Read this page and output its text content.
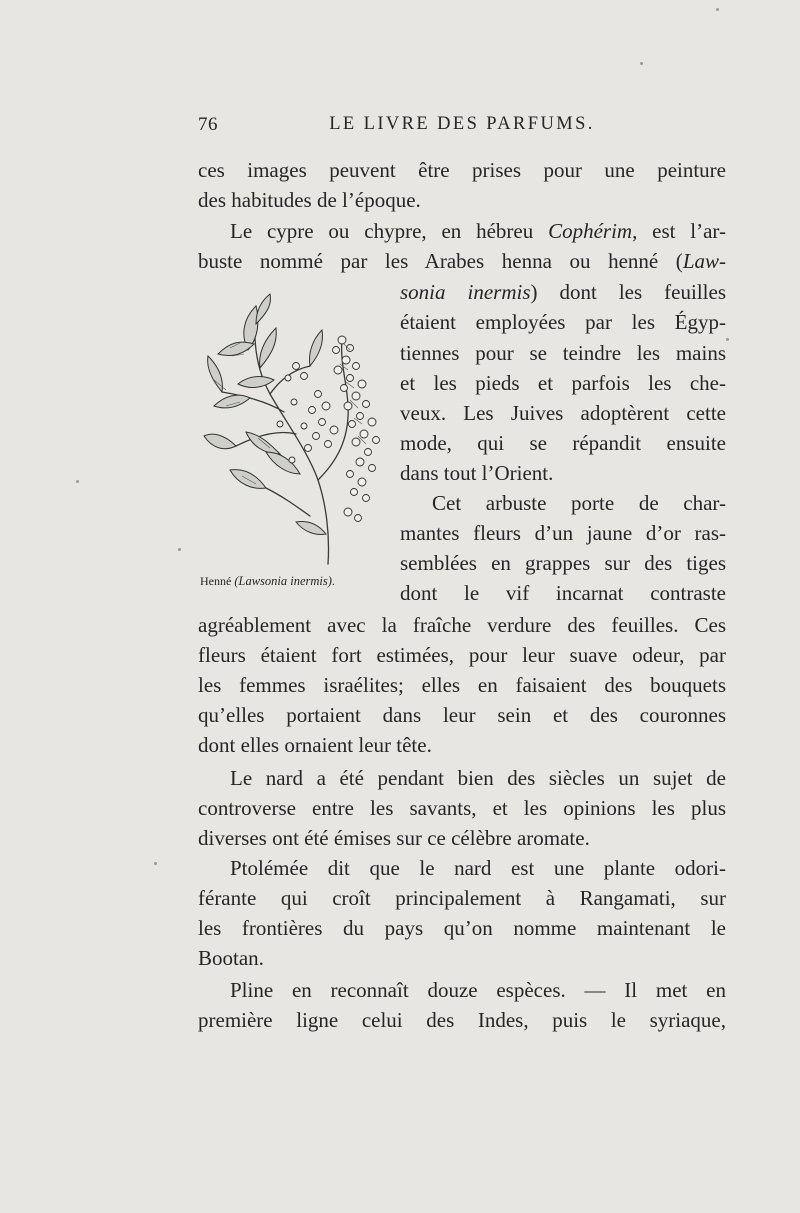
76	LE LIVRE DES PARFUMS.
ces images peuvent être prises pour une peinture
des habitudes de l’époque.
Le cypre ou chypre, en hébreu Cophérim, est l’ar-
buste nommé par les Arabes henna ou henné (Law-
sonia inermis) dont les feuilles
étaient employées par les Égyp-
tiennes pour se teindre les mains
et les pieds et parfois les che-
veux. Les Juives adoptèrent cette
mode, qui se répandit ensuite
dans tout l’Orient.
Cet arbuste porte de char-
mantes fleurs d’un jaune d’or ras-
semblées en grappes sur des tiges
dont le vif incarnat contraste
agréablement avec la fraîche verdure des feuilles. Ces
fleurs étaient fort estimées, pour leur suave odeur, par
les femmes israélites; elles en faisaient des bouquets
qu’elles portaient dans leur sein et des couronnes
dont elles ornaient leur tête.
Le nard a été pendant bien des siècles un sujet de
controverse entre les savants, et les opinions les plus
diverses ont été émises sur ce célèbre aromate.
Ptolémée dit que le nard est une plante odori-
férante qui croît principalement à Rangamati, sur
les frontières du pays qu’on nomme maintenant le
Bootan.
Pline en reconnaît douze espèces. — Il met en
première ligne celui des Indes, puis le syriaque,
Henné (Lawsonia inermis).
